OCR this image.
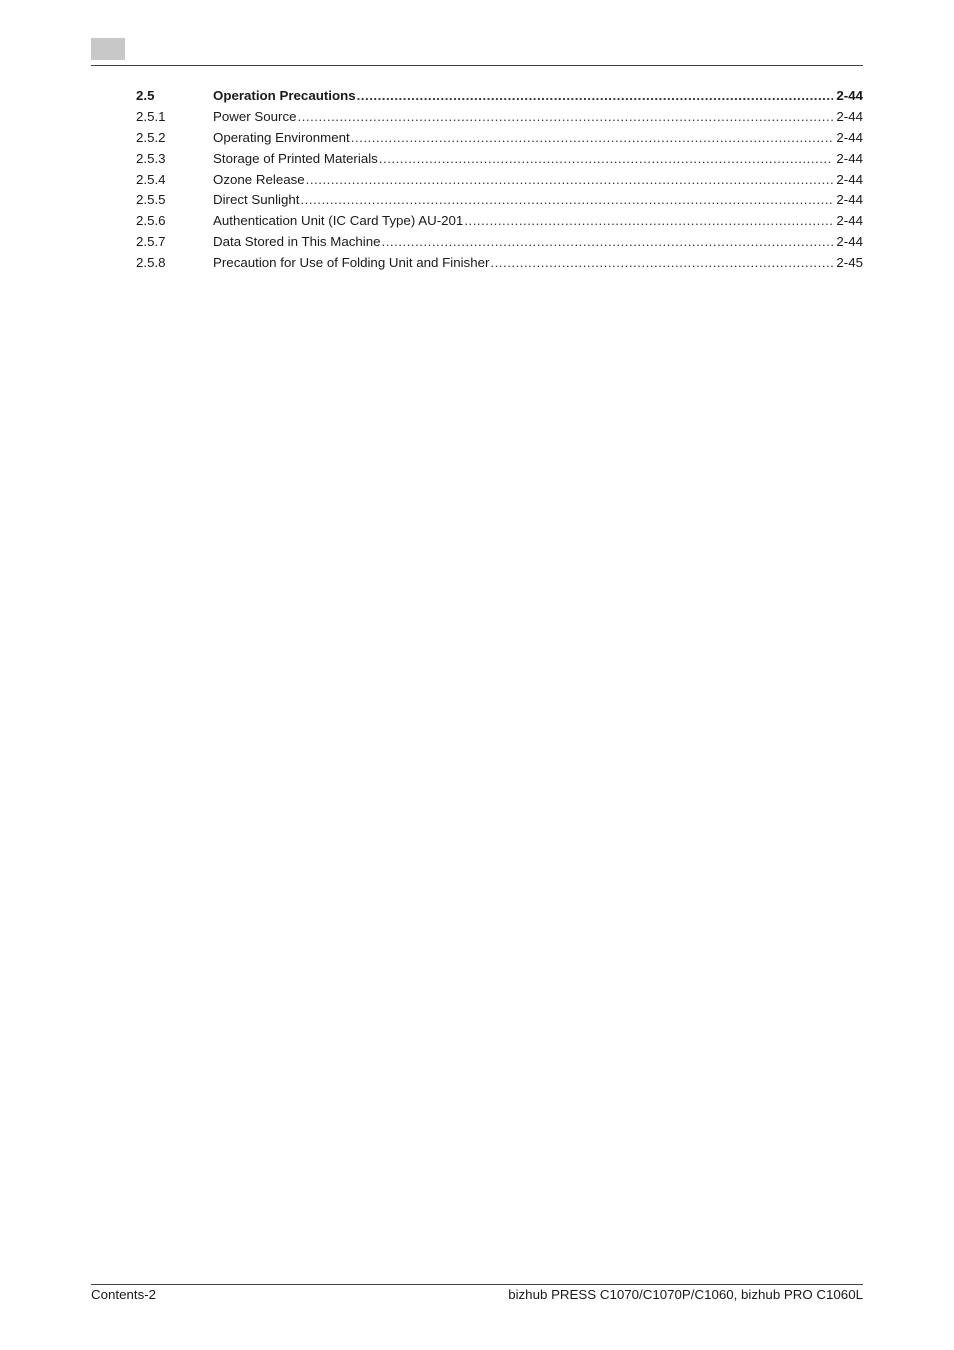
2.5	Operation Precautions .....	2-44
2.5.1	Power Source .....	2-44
2.5.2	Operating Environment .....	2-44
2.5.3	Storage of Printed Materials .....	2-44
2.5.4	Ozone Release .....	2-44
2.5.5	Direct Sunlight .....	2-44
2.5.6	Authentication Unit (IC Card Type) AU-201 .....	2-44
2.5.7	Data Stored in This Machine .....	2-44
2.5.8	Precaution for Use of Folding Unit and Finisher .....	2-45
Contents-2	bizhub PRESS C1070/C1070P/C1060, bizhub PRO C1060L
